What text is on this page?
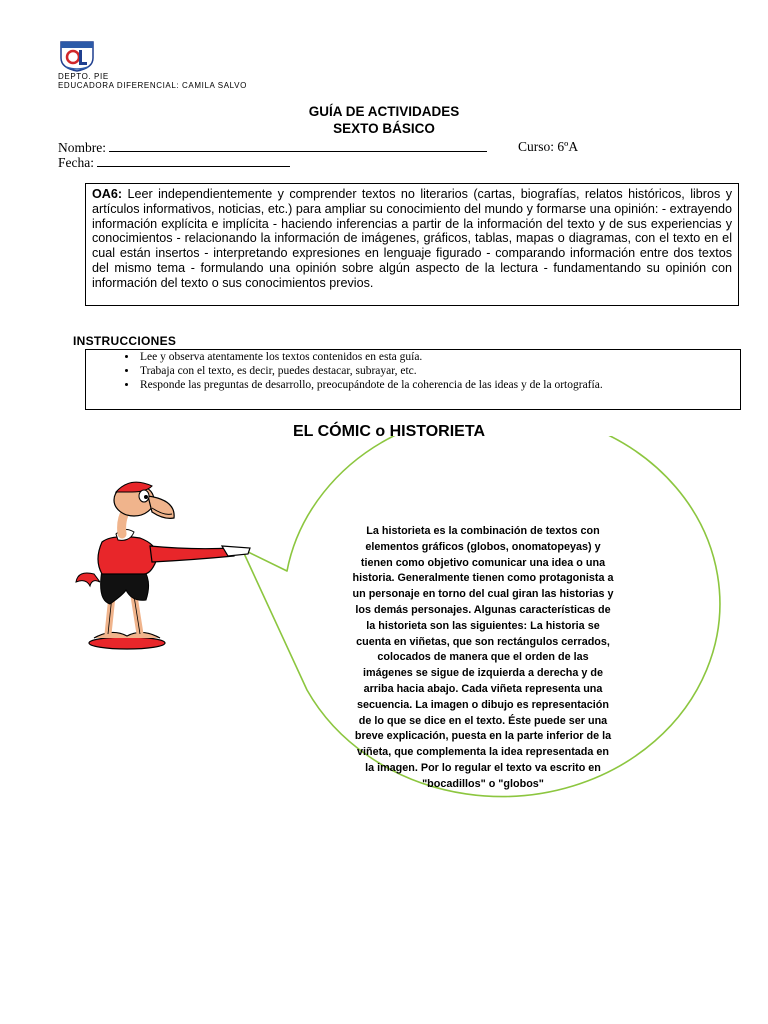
DEPTO. PIE
EDUCADORA DIFERENCIAL: CAMILA SALVO
GUÍA DE ACTIVIDADES
SEXTO BÁSICO
Nombre:	Curso: 6ºA
Fecha:

OA6: Leer independientemente y comprender textos no literarios (cartas, biografías, relatos históricos, libros y artículos informativos, noticias, etc.) para ampliar su conocimiento del mundo y formarse una opinión: - extrayendo información explícita e implícita - haciendo inferencias a partir de la información del texto y de sus experiencias y conocimientos - relacionando la información de imágenes, gráficos, tablas, mapas o diagramas, con el texto en el cual están insertos - interpretando expresiones en lenguaje figurado - comparando información entre dos textos del mismo tema - formulando una opinión sobre algún aspecto de la lectura - fundamentando su opinión con información del texto o sus conocimientos previos.

INSTRUCCIONES
• Lee y observa atentamente los textos contenidos en esta guía.
• Trabaja con el texto, es decir, puedes destacar, subrayar, etc.
• Responde las preguntas de desarrollo, preocupándote de la coherencia de las ideas y de la ortografía.
EL CÓMIC o HISTORIETA
La historieta es la combinación de textos con elementos gráficos (globos, onomatopeyas) y tienen como objetivo comunicar una idea o una historia. Generalmente tienen como protagonista a un personaje en torno del cual giran las historias y los demás personajes. Algunas características de la historieta son las siguientes: La historia se cuenta en viñetas, que son rectángulos cerrados, colocados de manera que el orden de las imágenes se sigue de izquierda a derecha y de arriba hacia abajo. Cada viñeta representa una secuencia. La imagen o dibujo es representación de lo que se dice en el texto. Éste puede ser una breve explicación, puesta en la parte inferior de la viñeta, que complementa la idea representada en la imagen. Por lo regular el texto va escrito en "bocadillos" o "globos"
